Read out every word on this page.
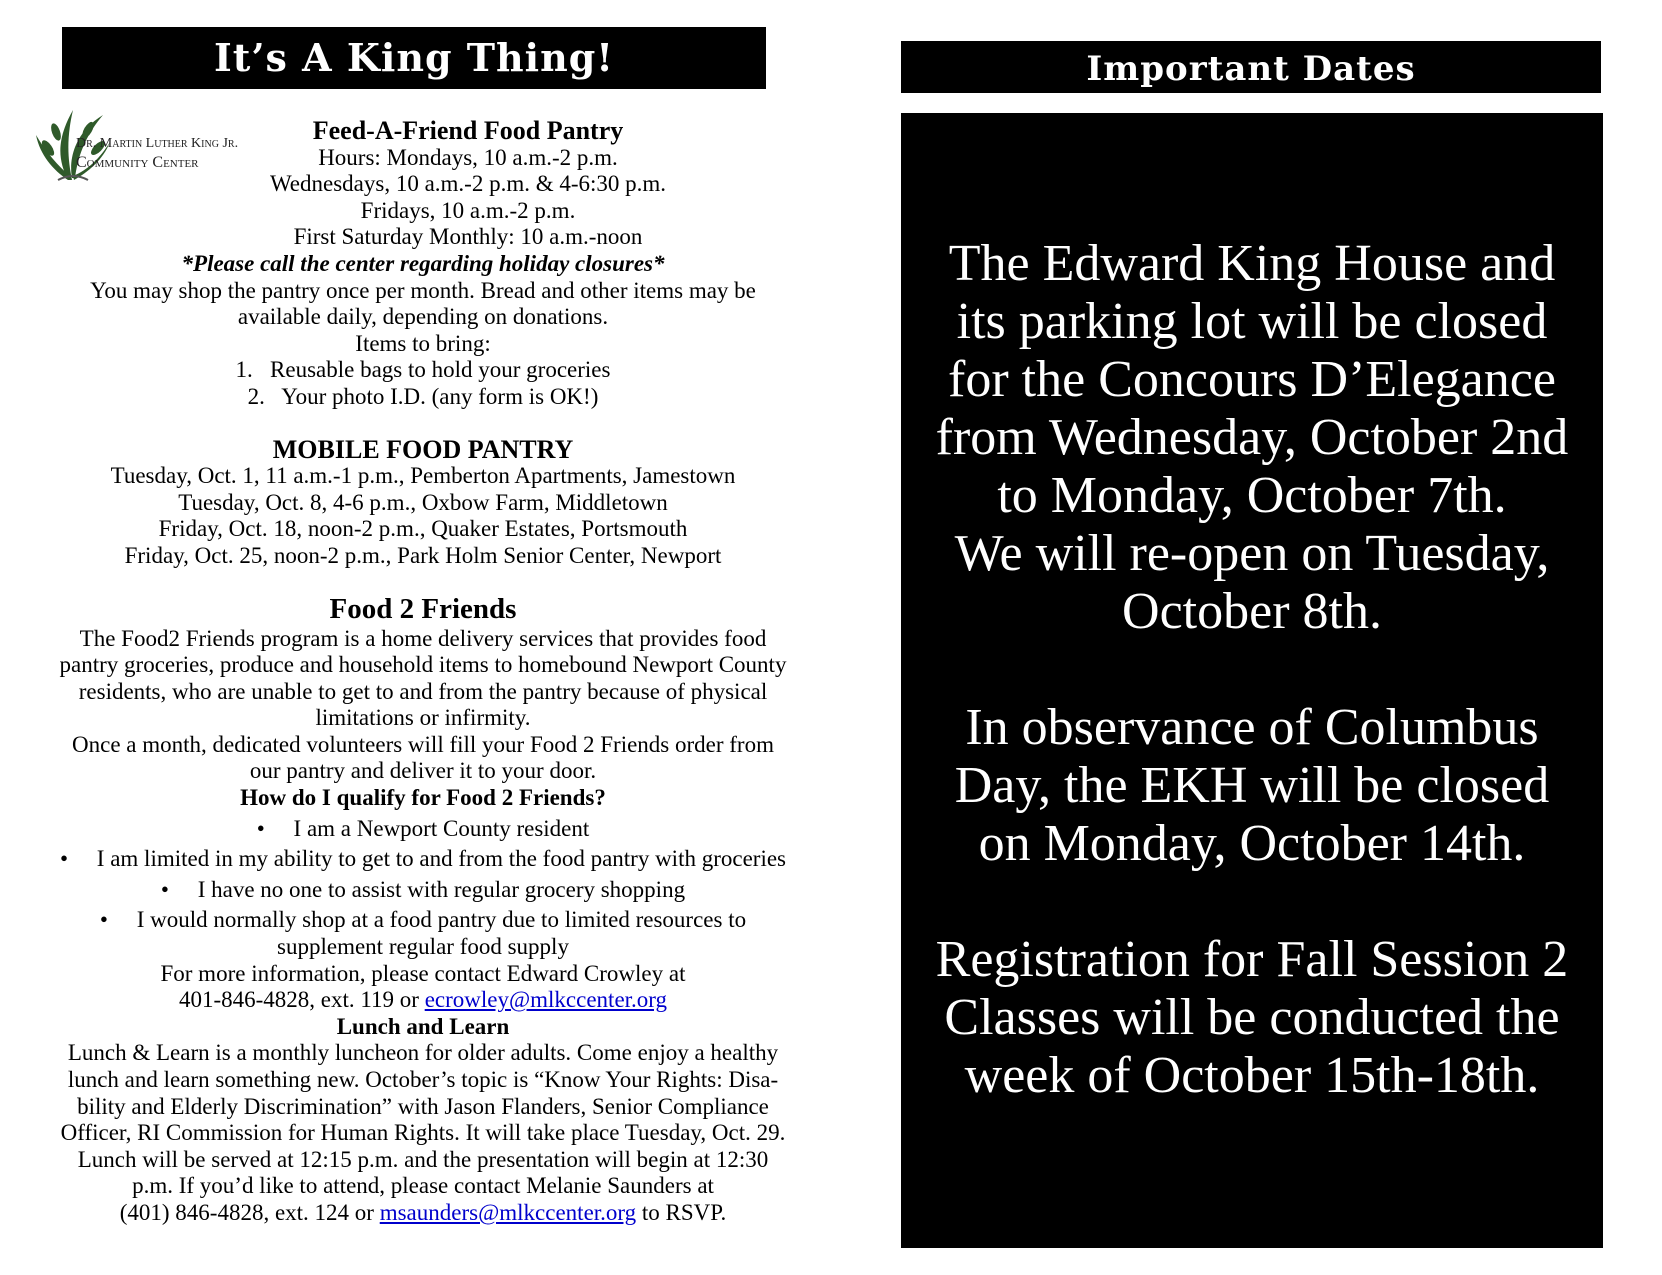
It’s A King Thing!
Dr. Martin Luther King Jr.
Community Center

Feed-A-Friend Food Pantry

Hours: Mondays, 10 a.m.-2 p.m.

Wednesdays, 10 a.m.-2 p.m. & 4-6:30 p.m.

Fridays, 10 a.m.-2 p.m.

First Saturday Monthly: 10 a.m.-noon

*Please call the center regarding holiday closures*

You may shop the pantry once per month. Bread and other items may be

available daily, depending on donations.

Items to bring:

1.   Reusable bags to hold your groceries

2.   Your photo I.D. (any form is OK!)

MOBILE FOOD PANTRY

Tuesday, Oct. 1, 11 a.m.-1 p.m., Pemberton Apartments, Jamestown

Tuesday, Oct. 8, 4-6 p.m., Oxbow Farm, Middletown

Friday, Oct. 18, noon-2 p.m., Quaker Estates, Portsmouth

Friday, Oct. 25, noon-2 p.m., Park Holm Senior Center, Newport

Food 2 Friends

The Food2 Friends program is a home delivery services that provides food

pantry groceries, produce and household items to homebound Newport County

residents, who are unable to get to and from the pantry because of physical

limitations or infirmity.

Once a month, dedicated volunteers will fill your Food 2 Friends order from

our pantry and deliver it to your door.

How do I qualify for Food 2 Friends?

•     I am a Newport County resident

•     I am limited in my ability to get to and from the food pantry with groceries

•     I have no one to assist with regular grocery shopping

•     I would normally shop at a food pantry due to limited resources to

supplement regular food supply

For more information, please contact Edward Crowley at

401-846-4828, ext. 119 or ecrowley@mlkccenter.org

Lunch and Learn

Lunch & Learn is a monthly luncheon for older adults. Come enjoy a healthy

lunch and learn something new. October’s topic is “Know Your Rights: Disa-

bility and Elderly Discrimination” with Jason Flanders, Senior Compliance

Officer, RI Commission for Human Rights. It will take place Tuesday, Oct. 29.

Lunch will be served at 12:15 p.m. and the presentation will begin at 12:30

p.m. If you’d like to attend, please contact Melanie Saunders at

(401) 846-4828, ext. 124 or msaunders@mlkccenter.org to RSVP.

Important Dates
The Edward King House and
its parking lot will be closed
for the Concours D’Elegance
from Wednesday, October 2nd
to Monday, October 7th.
We will re-open on Tuesday,
October 8th.
In observance of Columbus
Day, the EKH will be closed
on Monday, October 14th.
Registration for Fall Session 2
Classes will be conducted the
week of October 15th-18th.
